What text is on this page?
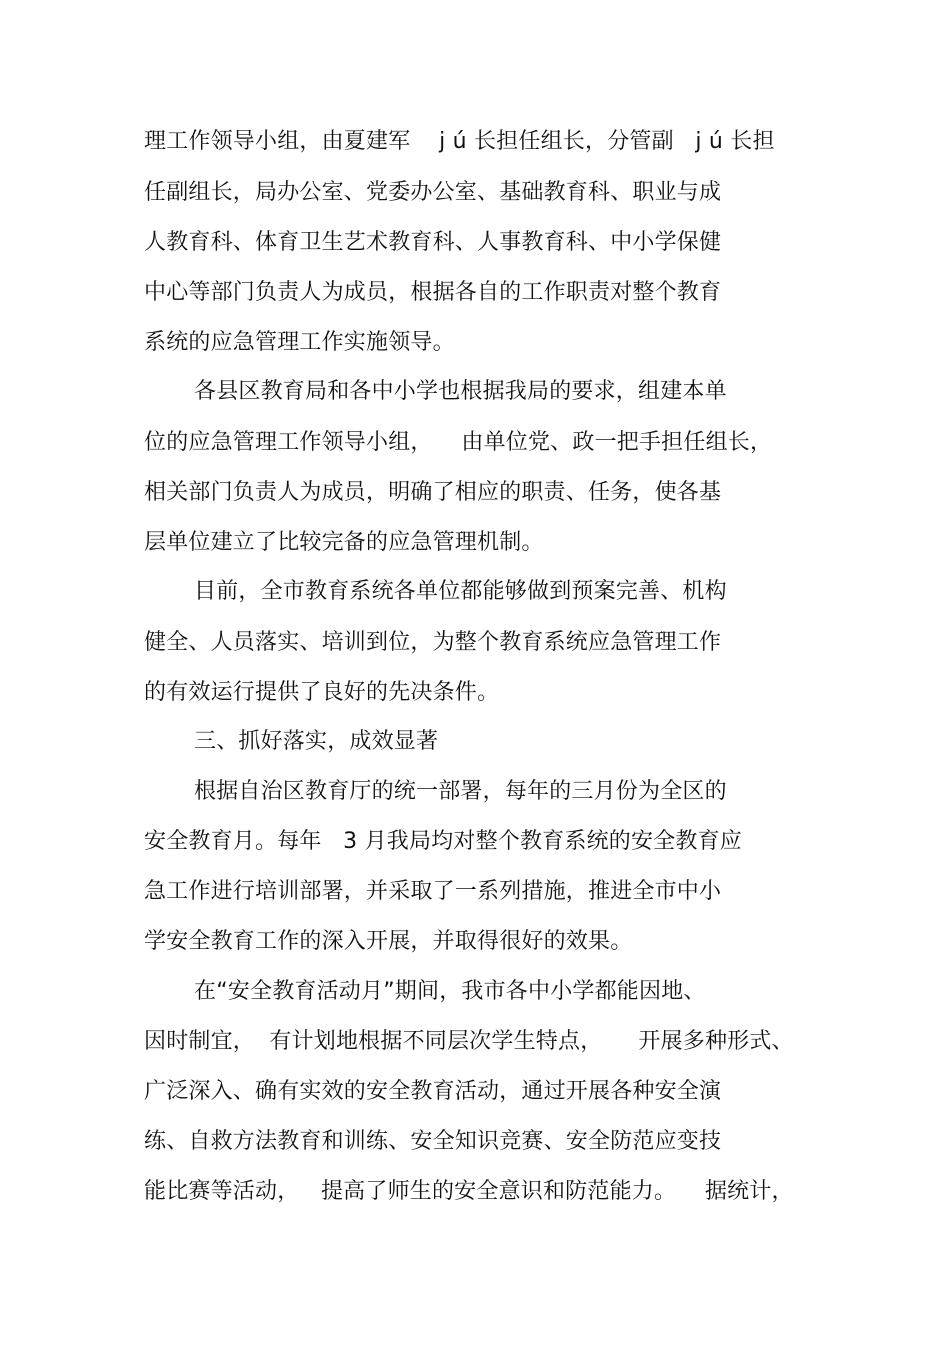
理工作领导小组，由夏建军    j ú 长担任组长，分管副   j ú 长担
任副组长，局办公室、党委办公室、基础教育科、职业与成
人教育科、体育卫生艺术教育科、人事教育科、中小学保健
中心等部门负责人为成员，根据各自的工作职责对整个教育
系统的应急管理工作实施领导。
各县区教育局和各中小学也根据我局的要求，组建本单
位的应急管理工作领导小组，    由单位党、政一把手担任组长，
相关部门负责人为成员，明确了相应的职责、任务，使各基
层单位建立了比较完备的应急管理机制。
目前，全市教育系统各单位都能够做到预案完善、机构
健全、人员落实、培训到位，为整个教育系统应急管理工作
的有效运行提供了良好的先决条件。
三、抓好落实，成效显著
根据自治区教育厅的统一部署，每年的三月份为全区的
安全教育月。每年   3 月我局均对整个教育系统的安全教育应
急工作进行培训部署，并采取了一系列措施，推进全市中小
学安全教育工作的深入开展，并取得很好的效果。
在“安全教育活动月”期间，我市各中小学都能因地、
因时制宜，  有计划地根据不同层次学生特点，     开展多种形式、
广泛深入、确有实效的安全教育活动，通过开展各种安全演
练、自救方法教育和训练、安全知识竞赛、安全防范应变技
能比赛等活动，   提高了师生的安全意识和防范能力。    据统计，
